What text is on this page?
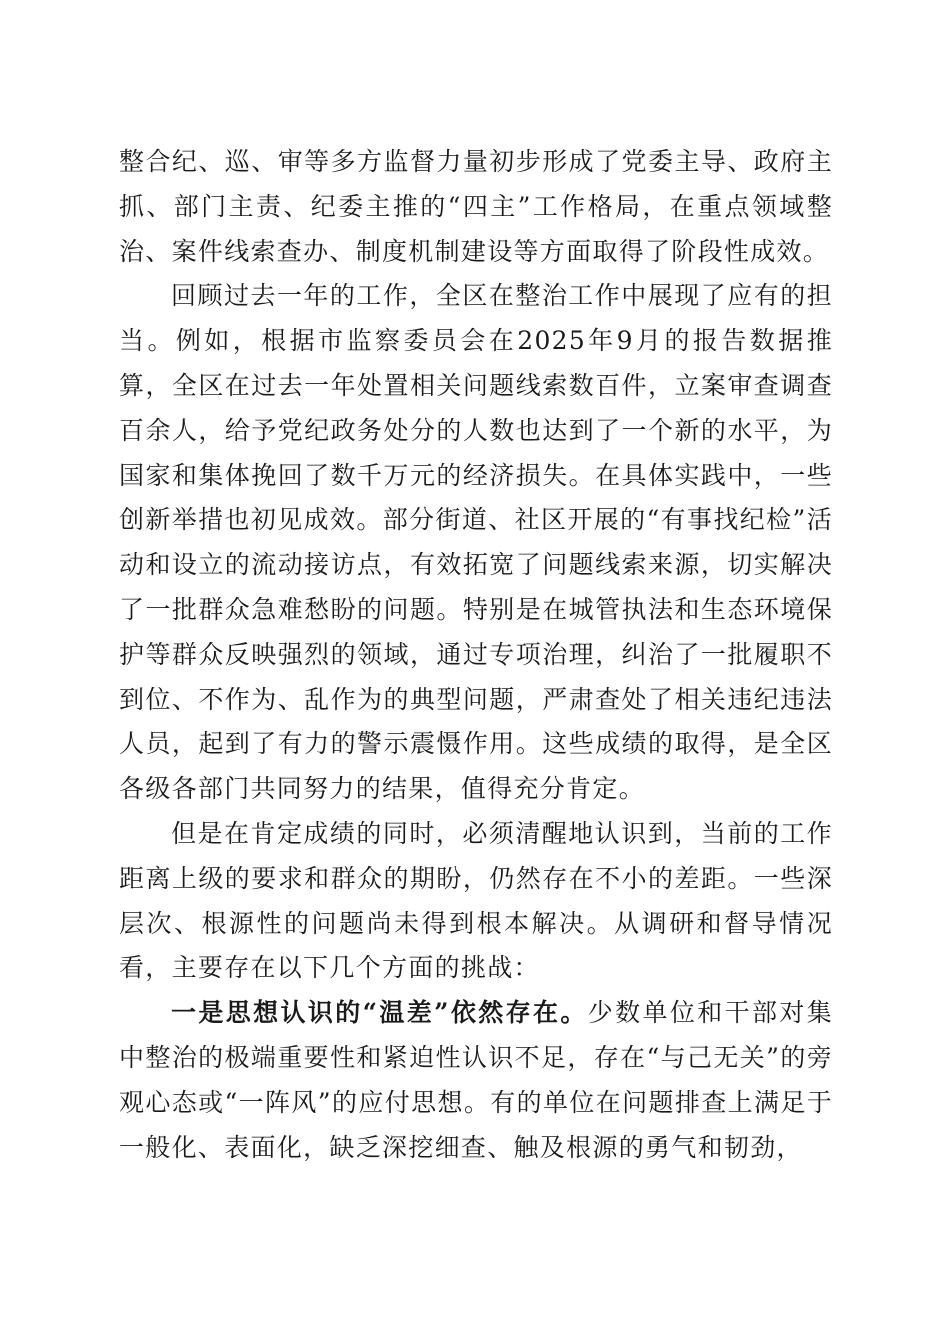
整合纪、巡、审等多方监督力量初步形成了党委主导、政府主抓、部门主责、纪委主推的“四主”工作格局，在重点领域整治、案件线索查办、制度机制建设等方面取得了阶段性成效。

回顾过去一年的工作，全区在整治工作中展现了应有的担当。例如，根据市监察委员会在2025年9月的报告数据推算，全区在过去一年处置相关问题线索数百件，立案审查调查百余人，给予党纪政务处分的人数也达到了一个新的水平，为国家和集体挽回了数千万元的经济损失。在具体实践中，一些创新举措也初见成效。部分街道、社区开展的“有事找纪检”活动和设立的流动接访点，有效拓宽了问题线索来源，切实解决了一批群众急难愁盼的问题。特别是在城管执法和生态环境保护等群众反映强烈的领域，通过专项治理，纠治了一批履职不到位、不作为、乱作为的典型问题，严肃查处了相关违纪违法人员，起到了有力的警示震慑作用。这些成绩的取得，是全区各级各部门共同努力的结果，值得充分肯定。

但是在肯定成绩的同时，必须清醒地认识到，当前的工作距离上级的要求和群众的期盼，仍然存在不小的差距。一些深层次、根源性的问题尚未得到根本解决。从调研和督导情况看，主要存在以下几个方面的挑战：

一是思想认识的“温差”依然存在。少数单位和干部对集中整治的极端重要性和紧迫性认识不足，存在“与己无关”的旁观心态或“一阵风”的应付思想。有的单位在问题排查上满足于一般化、表面化，缺乏深挖细查、触及根源的勇气和韧劲，
